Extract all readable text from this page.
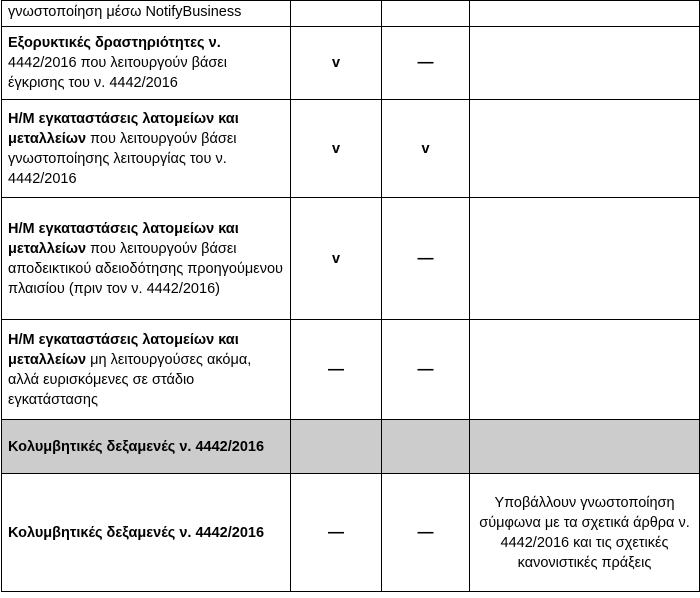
γνωστοποίηση μέσω NotifyBusiness			
Εξορυκτικές δραστηριότητες ν. 4442/2016 που λειτουργούν βάσει έγκρισης του ν. 4442/2016	v	—	
Η/Μ εγκαταστάσεις λατομείων και μεταλλείων που λειτουργούν βάσει γνωστοποίησης λειτουργίας του ν. 4442/2016	v	v	
Η/Μ εγκαταστάσεις λατομείων και μεταλλείων που λειτουργούν βάσει αποδεικτικού αδειοδότησης προηγούμενου πλαισίου (πριν τον ν. 4442/2016)	v	—	
Η/Μ εγκαταστάσεις λατομείων και μεταλλείων μη λειτουργούσες ακόμα, αλλά ευρισκόμενες σε στάδιο εγκατάστασης	—	—	
Κολυμβητικές δεξαμενές ν. 4442/2016			
Κολυμβητικές δεξαμενές ν. 4442/2016	—	—	Υποβάλλουν γνωστοποίηση σύμφωνα με τα σχετικά άρθρα ν. 4442/2016 και τις σχετικές κανονιστικές πράξεις
